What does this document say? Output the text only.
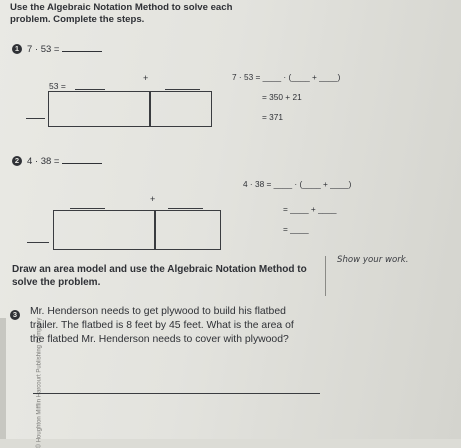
© Houghton Mifflin Harcourt Publishing Company
Use the Algebraic Notation Method to solve each problem. Complete the steps.
1 7 · 53 =
53 =
+	7 · 53 = ____ · (____ + ____)
= 350 + 21
= 371
2 4 · 38 =
+
4 · 38 = ____ · (____ + ____)
= ____ + ____
= ____
Draw an area model and use the Algebraic Notation Method to solve the problem.
Show your work.
3	Mr. Henderson needs to get plywood to build his flatbed trailer. The flatbed is 8 feet by 45 feet. What is the area of the flatbed Mr. Henderson needs to cover with plywood?
